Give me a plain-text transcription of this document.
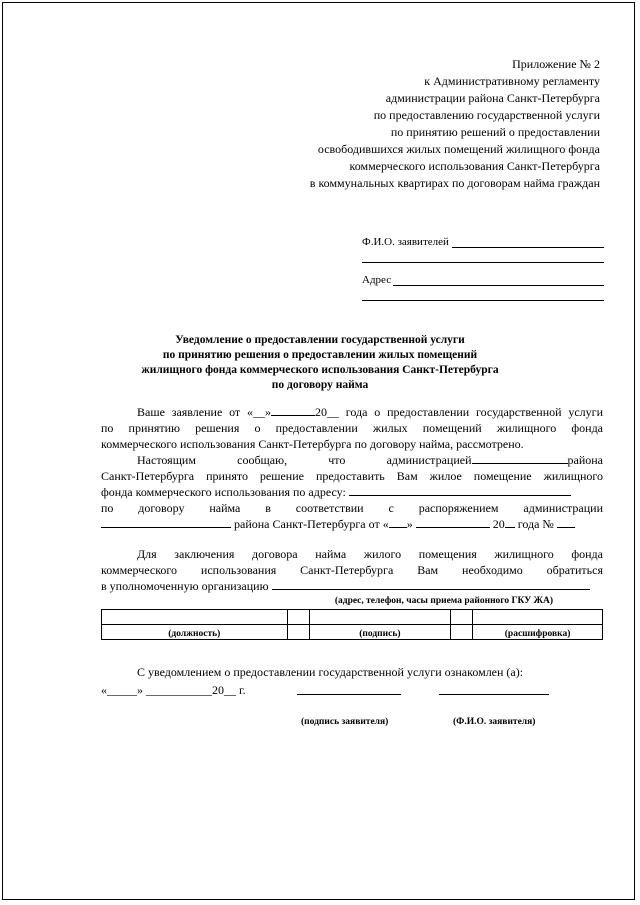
Приложение № 2
к Административному регламенту
администрации района Санкт-Петербурга
по предоставлению государственной услуги
по принятию решений о предоставлении
освободившихся жилых помещений жилищного фонда
коммерческого использования Санкт-Петербурга
в коммунальных квартирах по договорам найма граждан
Ф.И.О. заявителей
Адрес
Уведомление о предоставлении государственной услуги
по принятию решения о предоставлении жилых помещений
жилищного фонда коммерческого использования Санкт-Петербурга
по договору найма
Ваше заявление от «__»	20__ года о предоставлении государственной услуги
по принятию решения о предоставлении жилых помещений жилищного фонда
коммерческого использования Санкт-Петербурга по договору найма, рассмотрено.
Настоящим сообщаю, что администрацией	района
Санкт-Петербурга принято решение предоставить Вам жилое помещение жилищного
фонда коммерческого использования по адресу:
по договору найма в соответствии с распоряжением администрации
района Санкт-Петербурга от « »	20 года №
Для заключения договора найма жилого помещения жилищного фонда
коммерческого использования Санкт-Петербурга Вам необходимо обратиться
в уполномоченную организацию
(адрес, телефон, часы приема районного ГКУ ЖА)

(должность)		(подпись)		(расшифровка)
С уведомлением о предоставлении государственной услуги ознакомлен (а):
«_____» ___________20__ г.
(подпись заявителя)	(Ф.И.О. заявителя)
